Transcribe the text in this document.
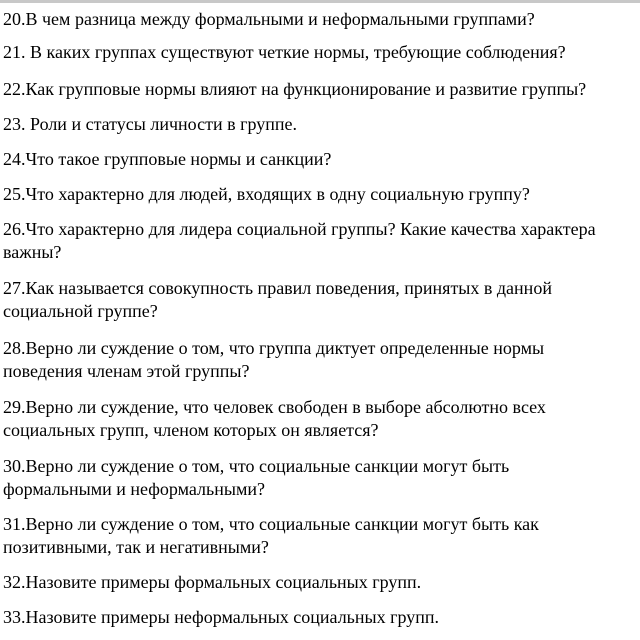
20.В чем разница между формальными и неформальными группами?

21. В каких группах существуют четкие нормы, требующие соблюдения?

22.Как групповые нормы влияют на функционирование и развитие группы?

23. Роли и статусы личности в группе.

24.Что такое групповые нормы и санкции?

25.Что характерно для людей, входящих в одну социальную группу?

26.Что характерно для лидера социальной группы? Какие качества характера
важны?

27.Как называется совокупность правил поведения, принятых в данной
социальной группе?

28.Верно ли суждение о том, что группа диктует определенные нормы
поведения членам этой группы?

29.Верно ли суждение, что человек свободен в выборе абсолютно всех
социальных групп, членом которых он является?

30.Верно ли суждение о том, что социальные санкции могут быть
формальными и неформальными?

31.Верно ли суждение о том, что социальные санкции могут быть как
позитивными, так и негативными?

32.Назовите примеры формальных социальных групп.

33.Назовите примеры неформальных социальных групп.
